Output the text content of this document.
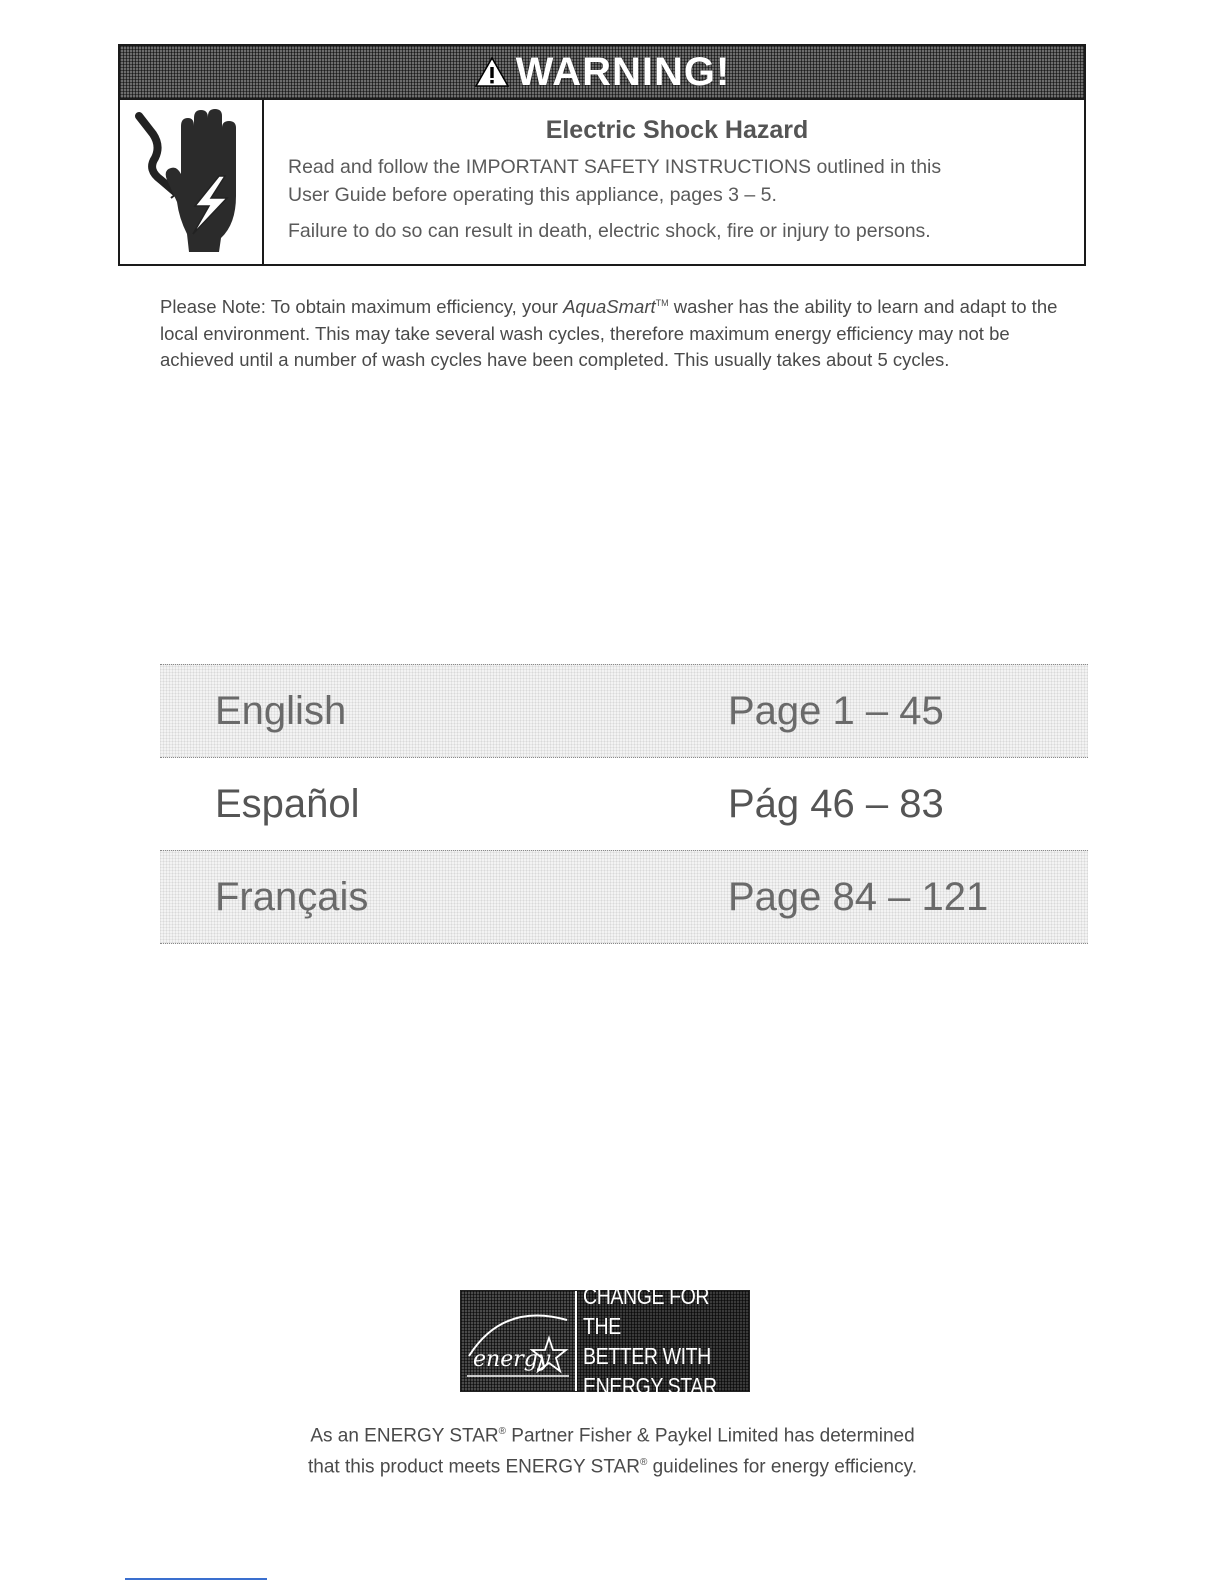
WARNING!

Electric Shock Hazard

Read and follow the IMPORTANT SAFETY INSTRUCTIONS outlined in this

User Guide before operating this appliance, pages 3 – 5.

Failure to do so can result in death, electric shock, fire or injury to persons.

Please Note: To obtain maximum efficiency, your AquaSmart™ washer has the ability to learn and adapt to the local environment. This may take several wash cycles, therefore maximum energy efficiency may not be achieved until a number of wash cycles have been completed. This usually takes about 5 cycles.

English	Page 1 – 45
Español	Pág 46 – 83
Français	Page 84 – 121
energy
CHANGE FOR THE
BETTER WITH
ENERGY STAR

As an ENERGY STAR® Partner Fisher & Paykel Limited has determined
that this product meets ENERGY STAR® guidelines for energy efficiency.
